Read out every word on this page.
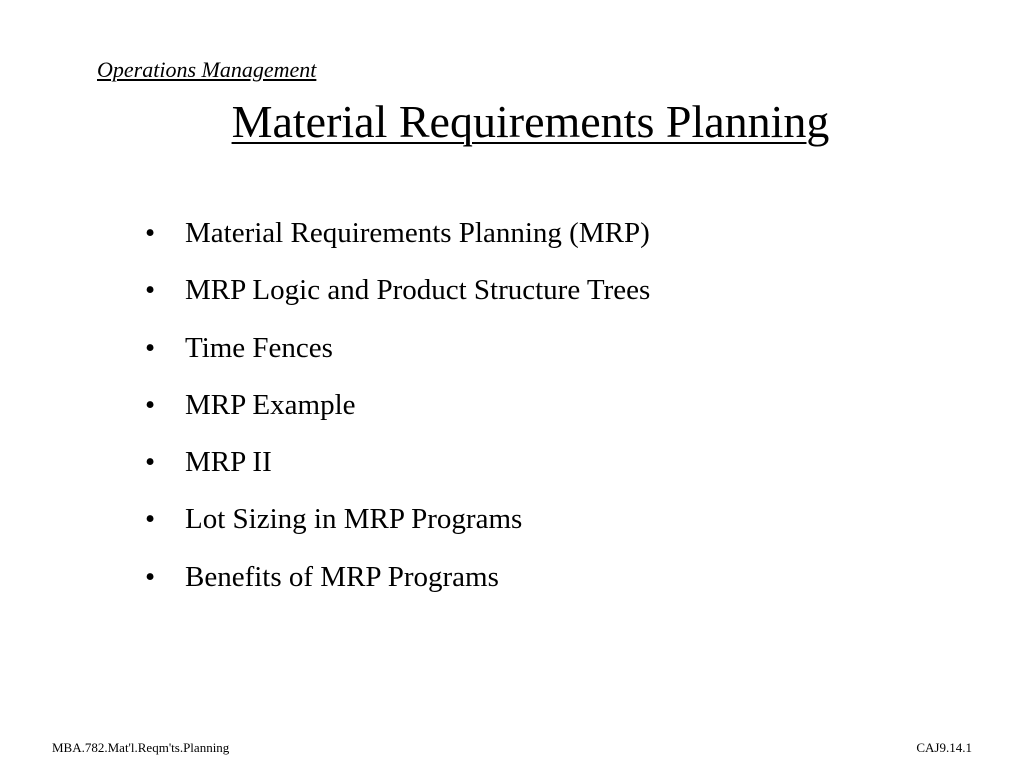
Operations Management
Material Requirements Planning
•	Material Requirements Planning (MRP)
•	MRP Logic and Product Structure Trees
•	Time Fences
•	MRP Example
•	MRP II
•	Lot Sizing in MRP Programs
•	Benefits of MRP Programs
MBA.782.Mat'l.Reqm'ts.Planning	CAJ9.14.1
